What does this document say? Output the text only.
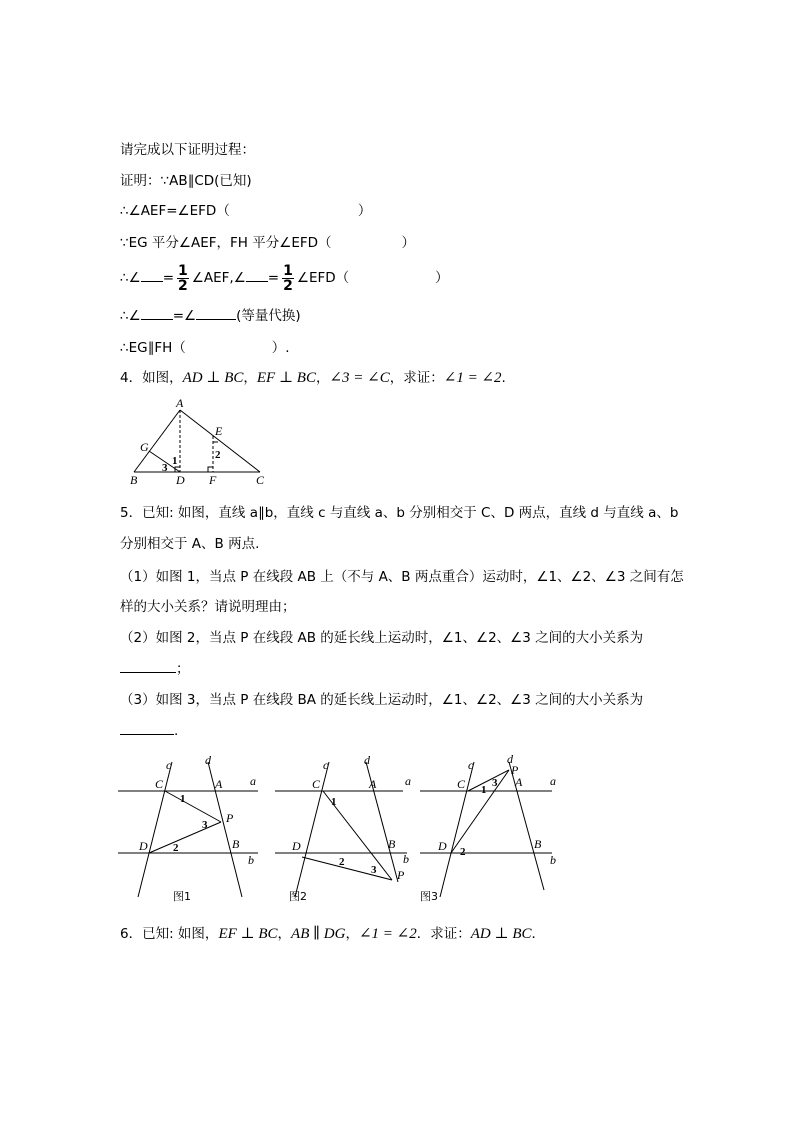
请完成以下证明过程：
证明：∵AB∥CD(已知)
∴∠AEF=∠EFD（	）
∵EG 平分∠AEF，FH 平分∠EFD（	）
∴∠ = $\frac{1}{2}$ ∠AEF,∠ = $\frac{1}{2}$ ∠EFD（	）
∴∠ =∠	(等量代换)
∴EG∥FH（	）.
4．如图，AD ⊥ BC，EF ⊥ BC，∠3 = ∠C，求证：∠1 = ∠2.
A
B	C
D
E
F
G
1	2
3
5．已知: 如图，直线 a∥b，直线 c 与直线 a、b 分别相交于 C、D 两点，直线 d 与直线 a、b
分别相交于 A、B 两点.
（1）如图 1，当点 P 在线段 AB 上（不与 A、B 两点重合）运动时，∠1、∠2、∠3 之间有怎
样的大小关系？请说明理由；
（2）如图 2，当点 P 在线段 AB 的延长线上运动时，∠1、∠2、∠3 之间的大小关系为
；
（3）如图 3，当点 P 在线段 BA 的延长线上运动时，∠1、∠2、∠3 之间的大小关系为
.
c	d
a
b
C	A
D	B
P
1
2
3
图1
c	d
a
b
C	A
D	B
P
1
2
3
图2
c	d
a
b
C	A
D	B
P
1
2
3
图3
6．已知: 如图，EF ⊥ BC，AB ∥ DG，∠1 = ∠2．求证：AD ⊥ BC．
